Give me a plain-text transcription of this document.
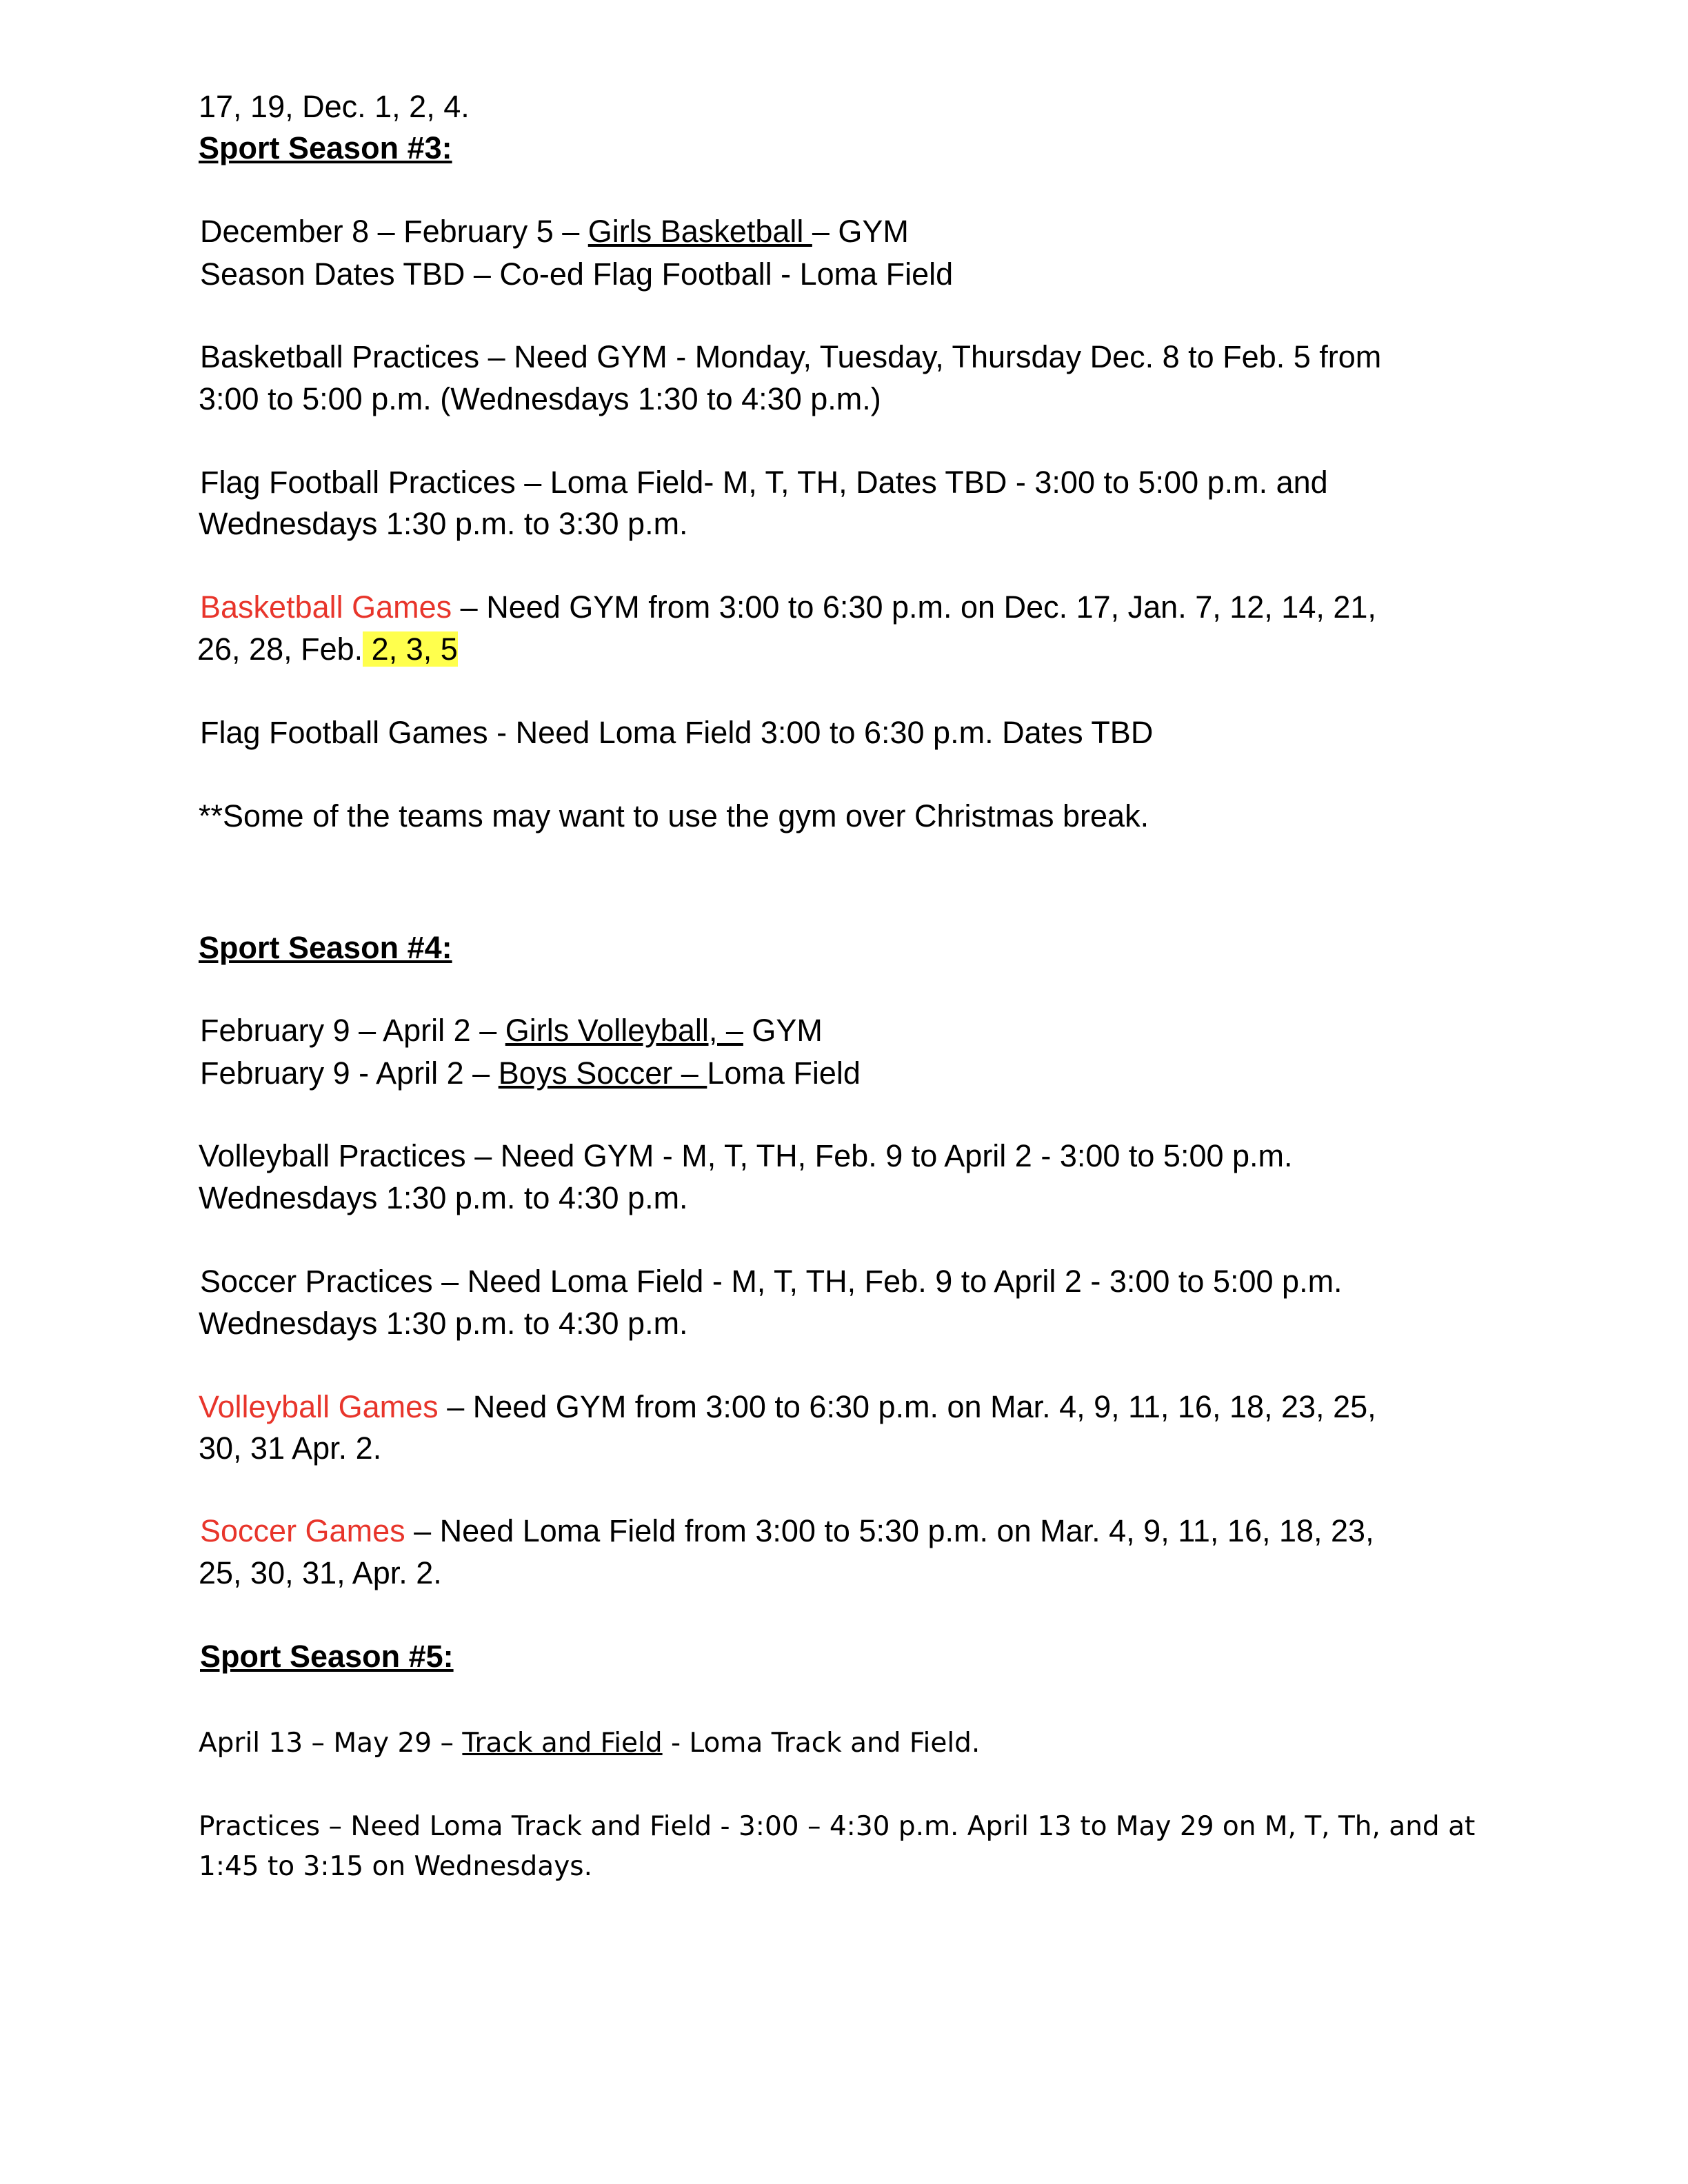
17, 19, Dec. 1, 2, 4.

Sport Season #3:

December 8 – February 5 – Girls Basketball – GYM

Season Dates TBD – Co-ed Flag Football - Loma Field

Basketball Practices – Need GYM - Monday, Tuesday, Thursday Dec. 8 to Feb. 5 from

3:00 to 5:00 p.m. (Wednesdays 1:30 to 4:30 p.m.)

Flag Football Practices – Loma Field- M, T, TH, Dates TBD - 3:00 to 5:00 p.m. and

Wednesdays 1:30 p.m. to 3:30 p.m.

Basketball Games – Need GYM from 3:00 to 6:30 p.m. on Dec. 17, Jan. 7, 12, 14, 21,

26, 28, Feb. 2, 3, 5

Flag Football Games - Need Loma Field 3:00 to 6:30 p.m. Dates TBD

**Some of the teams may want to use the gym over Christmas break.

Sport Season #4:

February 9 – April 2 – Girls Volleyball, – GYM

February 9 - April 2 – Boys Soccer – Loma Field

Volleyball Practices – Need GYM - M, T, TH, Feb. 9 to April 2 - 3:00 to 5:00 p.m.

Wednesdays 1:30 p.m. to 4:30 p.m.

Soccer Practices – Need Loma Field - M, T, TH, Feb. 9 to April 2 - 3:00 to 5:00 p.m.

Wednesdays 1:30 p.m. to 4:30 p.m.

Volleyball Games – Need GYM from 3:00 to 6:30 p.m. on Mar. 4, 9, 11, 16, 18, 23, 25,

30, 31 Apr. 2.

Soccer Games – Need Loma Field from 3:00 to 5:30 p.m. on Mar. 4, 9, 11, 16, 18, 23,

25, 30, 31, Apr. 2.

Sport Season #5:

April 13 – May 29 – Track and Field - Loma Track and Field.

Practices – Need Loma Track and Field - 3:00 – 4:30 p.m. April 13 to May 29 on M, T, Th, and at

1:45 to 3:15 on Wednesdays.
